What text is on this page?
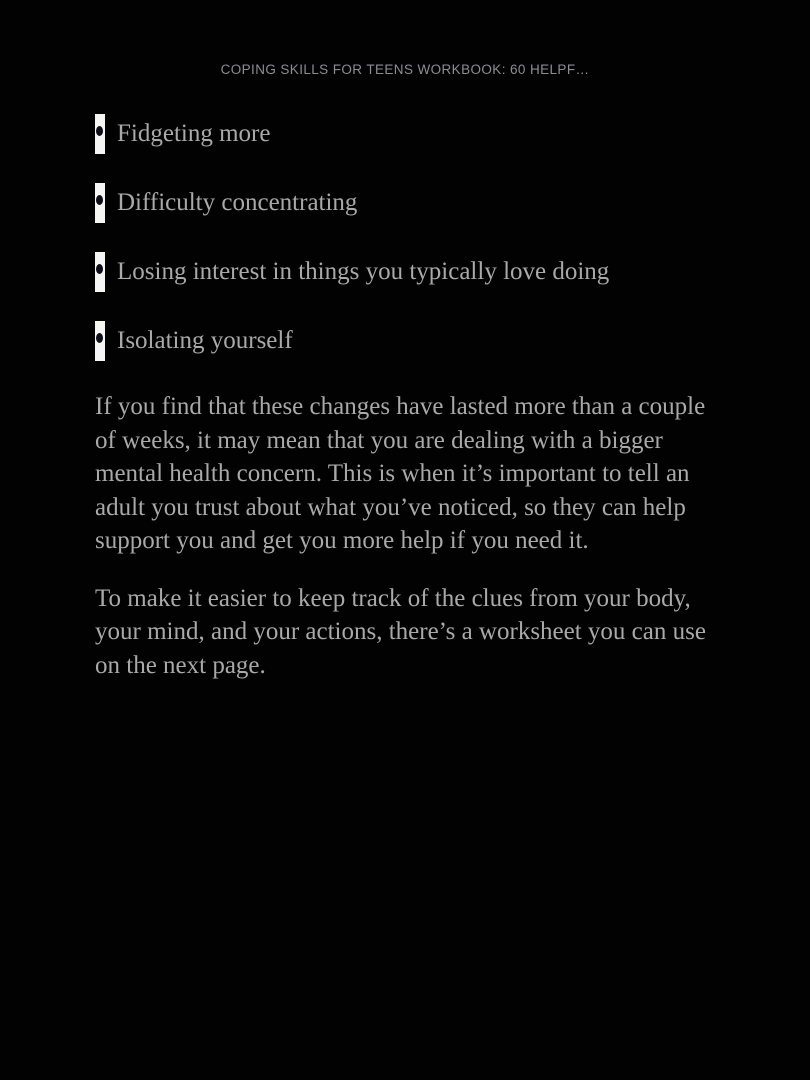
COPING SKILLS FOR TEENS WORKBOOK: 60 HELPF…
Fidgeting more
Difficulty concentrating
Losing interest in things you typically love doing
Isolating yourself

If you find that these changes have lasted more than a couple of weeks, it may mean that you are dealing with a bigger mental health concern. This is when it’s important to tell an adult you trust about what you’ve noticed, so they can help support you and get you more help if you need it.

To make it easier to keep track of the clues from your body, your mind, and your actions, there’s a worksheet you can use on the next page.
